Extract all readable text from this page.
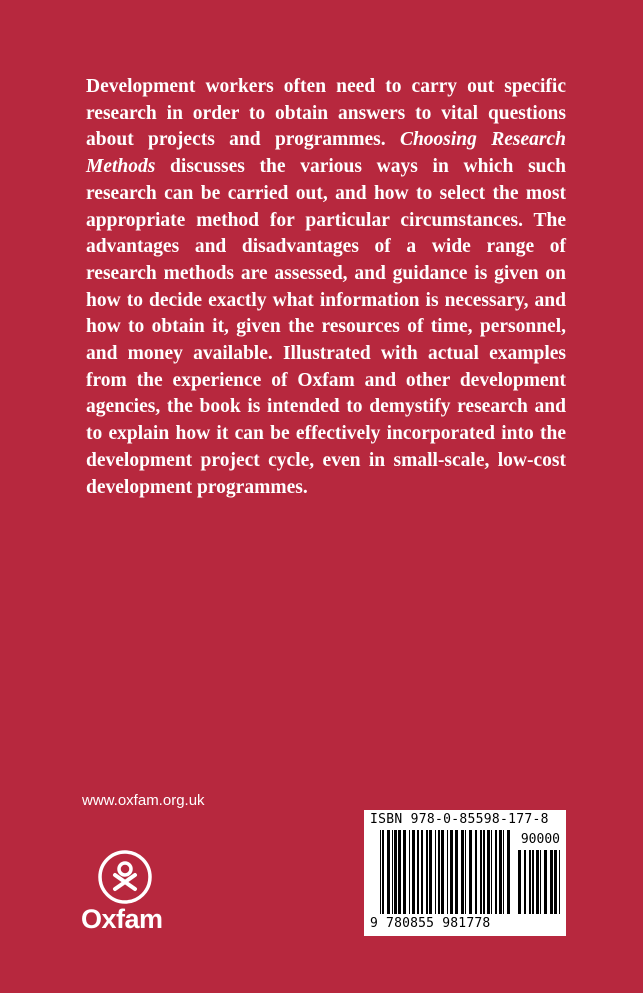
Development workers often need to carry out specific research in order to obtain answers to vital questions about projects and programmes. Choosing Research Methods discusses the various ways in which such research can be carried out, and how to select the most appropriate method for particular circumstances. The advantages and disadvantages of a wide range of research methods are assessed, and guidance is given on how to decide exactly what information is necessary, and how to obtain it, given the resources of time, personnel, and money available. Illustrated with actual examples from the experience of Oxfam and other development agencies, the book is intended to demystify research and to explain how it can be effectively incorporated into the development project cycle, even in small-scale, low-cost development programmes.

www.oxfam.org.uk
Oxfam
ISBN 978-0-85598-177-8
90000
9 780855 981778
